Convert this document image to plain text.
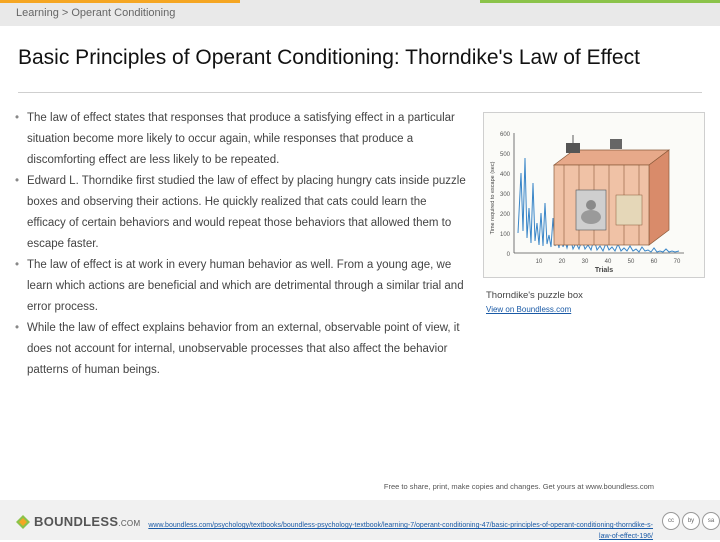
Learning > Operant Conditioning
Basic Principles of Operant Conditioning: Thorndike's Law of Effect
• The law of effect states that responses that produce a satisfying effect in a particular situation become more likely to occur again, while responses that produce a discomforting effect are less likely to be repeated.
• Edward L. Thorndike first studied the law of effect by placing hungry cats inside puzzle boxes and observing their actions. He quickly realized that cats could learn the efficacy of certain behaviors and would repeat those behaviors that allowed them to escape faster.
• The law of effect is at work in every human behavior as well. From a young age, we learn which actions are beneficial and which are detrimental through a similar trial and error process.
• While the law of effect explains behavior from an external, observable point of view, it does not account for internal, unobservable processes that also affect the behavior patterns of human beings.
600
500
400
300
200
100
0
10	20	30	40	50	60	70
Trials
Time required to escape (sec)
Thorndike's puzzle box
View on Boundless.com
BOUNDLESS.COM
Free to share, print, make copies and changes. Get yours at www.boundless.com
www.boundless.com/psychology/textbooks/boundless-psychology-textbook/learning-7/operant-conditioning-47/basic-principles-of-operant-conditioning-thorndike-s-law-of-effect-196/
cc	by	sa
